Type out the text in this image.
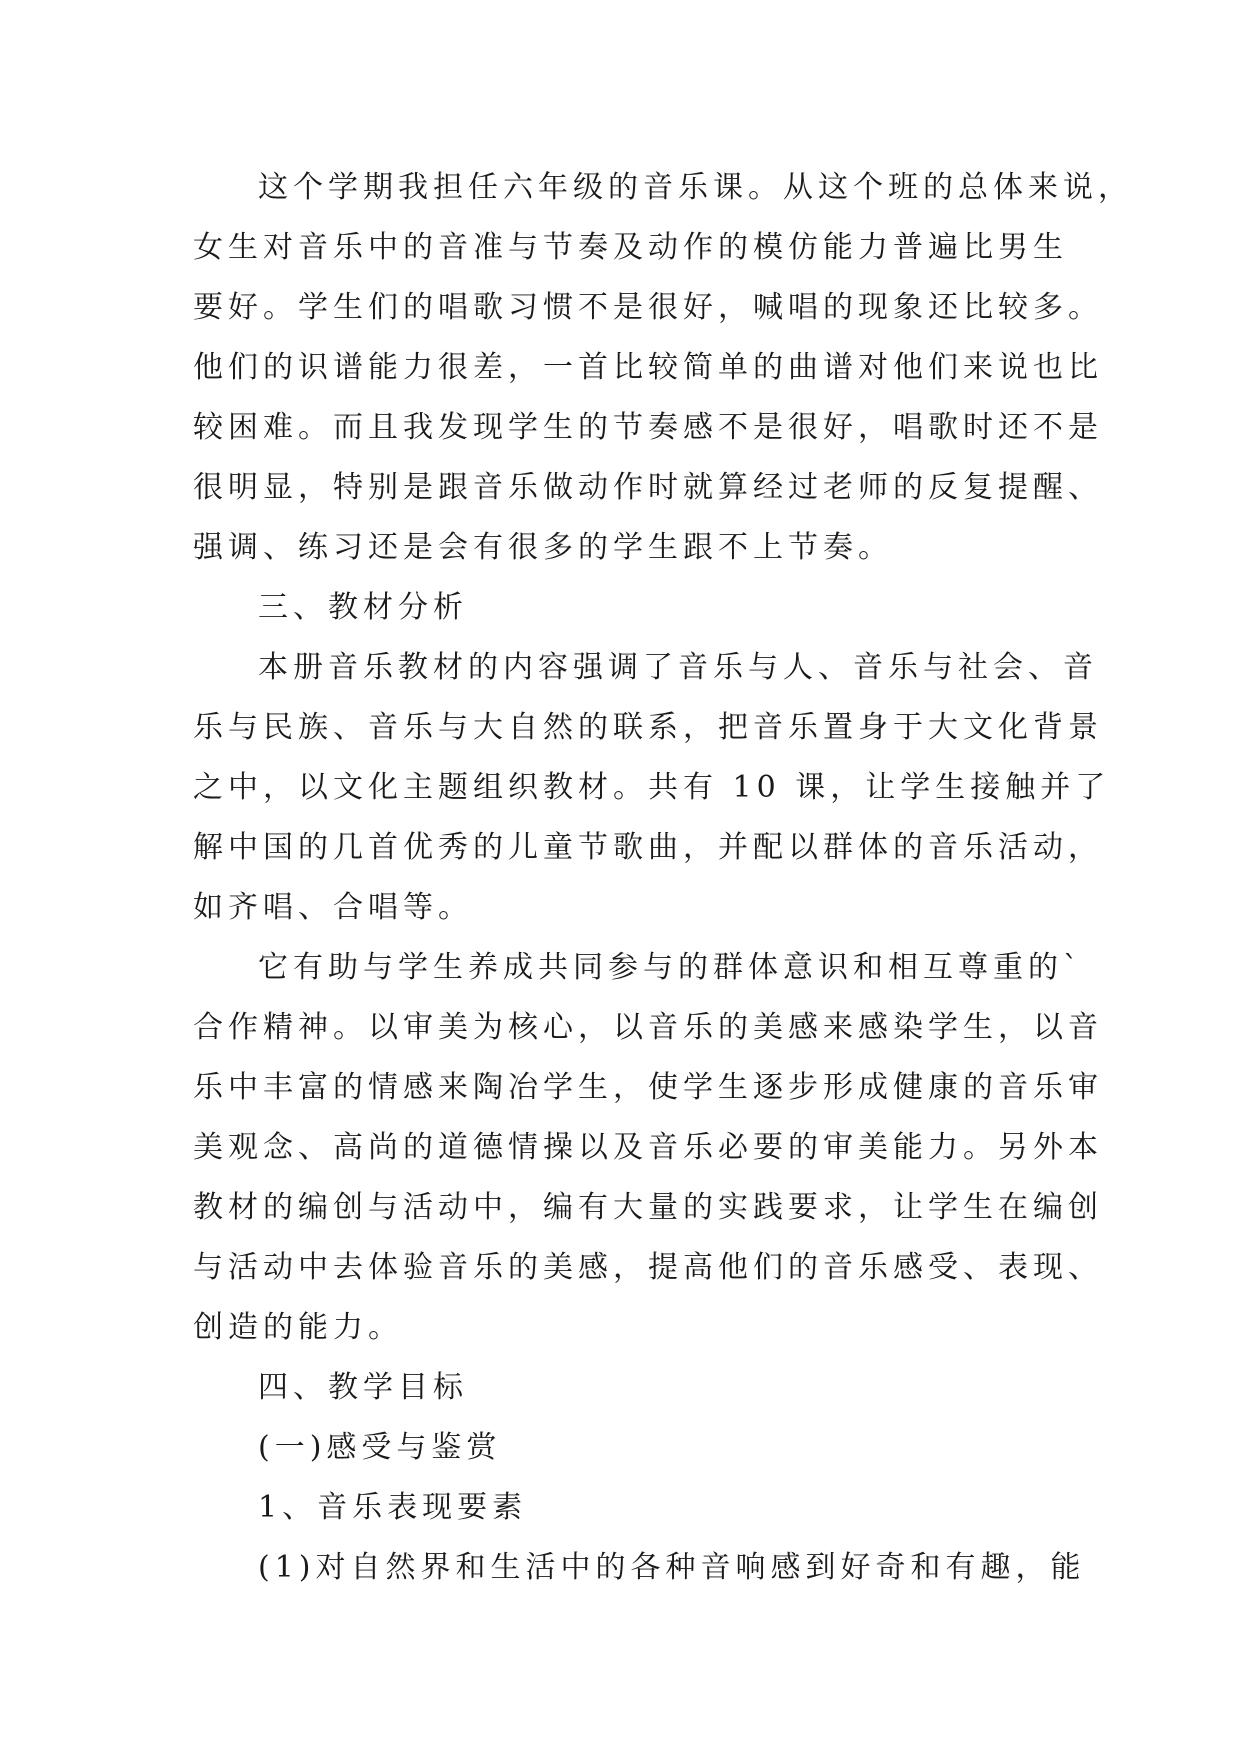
这个学期我担任六年级的音乐课。从这个班的总体来说，
女生对音乐中的音准与节奏及动作的模仿能力普遍比男生
要好。学生们的唱歌习惯不是很好，喊唱的现象还比较多。
他们的识谱能力很差，一首比较简单的曲谱对他们来说也比
较困难。而且我发现学生的节奏感不是很好，唱歌时还不是
很明显，特别是跟音乐做动作时就算经过老师的反复提醒、
强调、练习还是会有很多的学生跟不上节奏。
三、教材分析
本册音乐教材的内容强调了音乐与人、音乐与社会、音
乐与民族、音乐与大自然的联系，把音乐置身于大文化背景
之中，以文化主题组织教材。共有 10 课，让学生接触并了
解中国的几首优秀的儿童节歌曲，并配以群体的音乐活动，
如齐唱、合唱等。
它有助与学生养成共同参与的群体意识和相互尊重的`
合作精神。以审美为核心，以音乐的美感来感染学生，以音
乐中丰富的情感来陶冶学生，使学生逐步形成健康的音乐审
美观念、高尚的道德情操以及音乐必要的审美能力。另外本
教材的编创与活动中，编有大量的实践要求，让学生在编创
与活动中去体验音乐的美感，提高他们的音乐感受、表现、
创造的能力。
四、教学目标
(一)感受与鉴赏
1、音乐表现要素
(1)对自然界和生活中的各种音响感到好奇和有趣，能
